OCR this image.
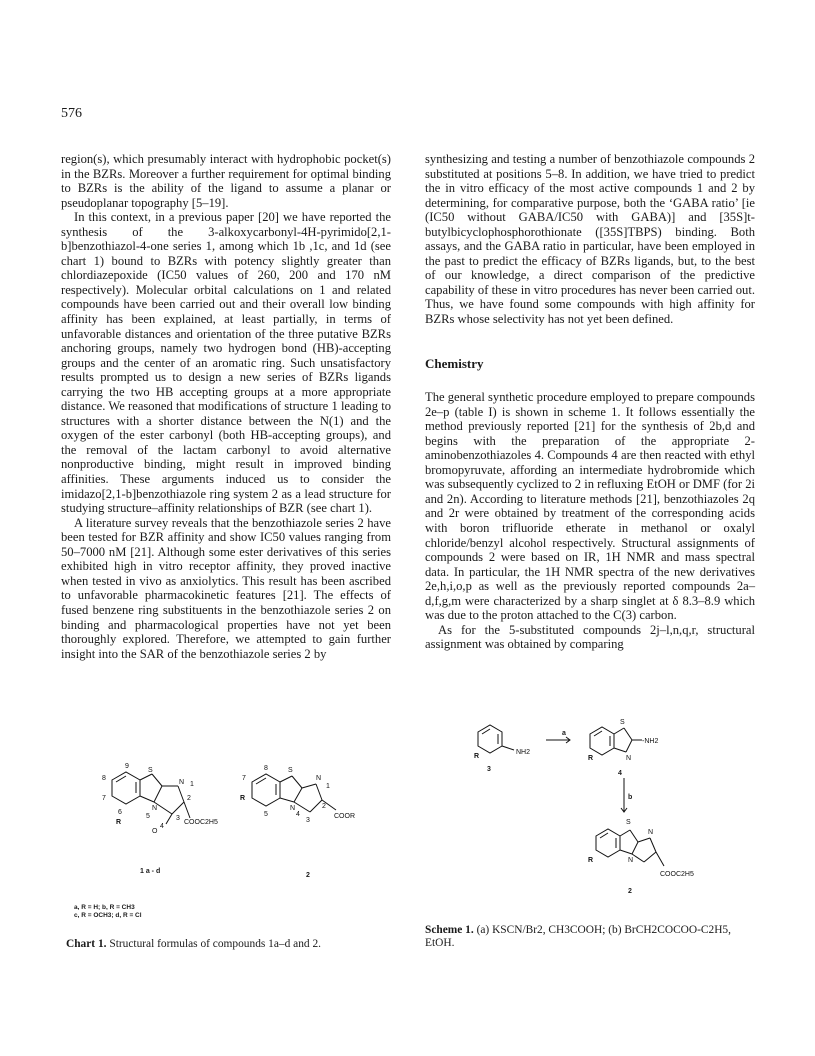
576

region(s), which presumably interact with hydrophobic pocket(s) in the BZRs. Moreover a further requirement for optimal binding to BZRs is the ability of the ligand to assume a planar or pseudoplanar topography [5–19].

In this context, in a previous paper [20] we have reported the synthesis of the 3-alkoxycarbonyl-4H-pyrimido[2,1-b]benzothiazol-4-one series 1, among which 1b ,1c, and 1d (see chart 1) bound to BZRs with potency slightly greater than chlordiazepoxide (IC50 values of 260, 200 and 170 nM respectively). Molecular orbital calculations on 1 and related compounds have been carried out and their overall low binding affinity has been explained, at least partially, in terms of unfavorable distances and orientation of the three putative BZRs anchoring groups, namely two hydrogen bond (HB)-accepting groups and the center of an aromatic ring. Such unsatisfactory results prompted us to design a new series of BZRs ligands carrying the two HB accepting groups at a more appropriate distance. We reasoned that modifications of structure 1 leading to structures with a shorter distance between the N(1) and the oxygen of the ester carbonyl (both HB-accepting groups), and the removal of the lactam carbonyl to avoid alternative nonproductive binding, might result in improved binding affinities. These arguments induced us to consider the imidazo[2,1-b]benzothiazole ring system 2 as a lead structure for studying structure–affinity relationships of BZR (see chart 1).

A literature survey reveals that the benzothiazole series 2 have been tested for BZR affinity and show IC50 values ranging from 50–7000 nM [21]. Although some ester derivatives of this series exhibited high in vitro receptor affinity, they proved inactive when tested in vivo as anxiolytics. This result has been ascribed to unfavorable pharmacokinetic features [21]. The effects of fused benzene ring substituents in the benzothiazole series 2 on binding and pharmacological properties have not yet been thoroughly explored. Therefore, we attempted to gain further insight into the SAR of the benzothiazole series 2 by

synthesizing and testing a number of benzothiazole compounds 2 substituted at positions 5–8. In addition, we have tried to predict the in vitro efficacy of the most active compounds 1 and 2 by determining, for comparative purpose, both the ‘GABA ratio’ [ie (IC50 without GABA/IC50 with GABA)] and [35S]t-butylbicyclophosphorothionate ([35S]TBPS) binding. Both assays, and the GABA ratio in particular, have been employed in the past to predict the efficacy of BZRs ligands, but, to the best of our knowledge, a direct comparison of the predictive capability of these in vitro procedures has never been carried out. Thus, we have found some compounds with high affinity for BZRs whose selectivity has not yet been defined.

Chemistry

The general synthetic procedure employed to prepare compounds 2e–p (table I) is shown in scheme 1. It follows essentially the method previously reported [21] for the synthesis of 2b,d and begins with the preparation of the appropriate 2-aminobenzothiazoles 4. Compounds 4 are then reacted with ethyl bromopyruvate, affording an intermediate hydrobromide which was subsequently cyclized to 2 in refluxing EtOH or DMF (for 2i and 2n). According to literature methods [21], benzothiazoles 2q and 2r were obtained by treatment of the corresponding acids with boron trifluoride etherate in methanol or oxalyl chloride/benzyl alcohol respectively. Structural assignments of compounds 2 were based on IR, 1H NMR and mass spectral data. In particular, the 1H NMR spectra of the new derivatives 2e,h,i,o,p as well as the previously reported compounds 2a–d,f,g,m were characterized by a sharp singlet at δ 8.3–8.9 which was due to the proton attached to the C(3) carbon.

As for the 5-substituted compounds 2j–l,n,q,r, structural assignment was obtained by comparing

S
N 1
2
3
N
5
4
O
COOC2H5
9
8
7
6
R
1 a - d
S
N
1
2
3
N
4	COOR
8
7
R
5
2
a, R = H; b, R = CH3
c, R = OCH3; d, R = Cl
Chart 1. Structural formulas of compounds 1a–d and 2.
NH2
R
S
-NH2
N
R
S
N
N
R
COOC2H5
a
b
3
4
2
Scheme 1. (a) KSCN/Br2, CH3COOH; (b) BrCH2COCOO-C2H5, EtOH.
